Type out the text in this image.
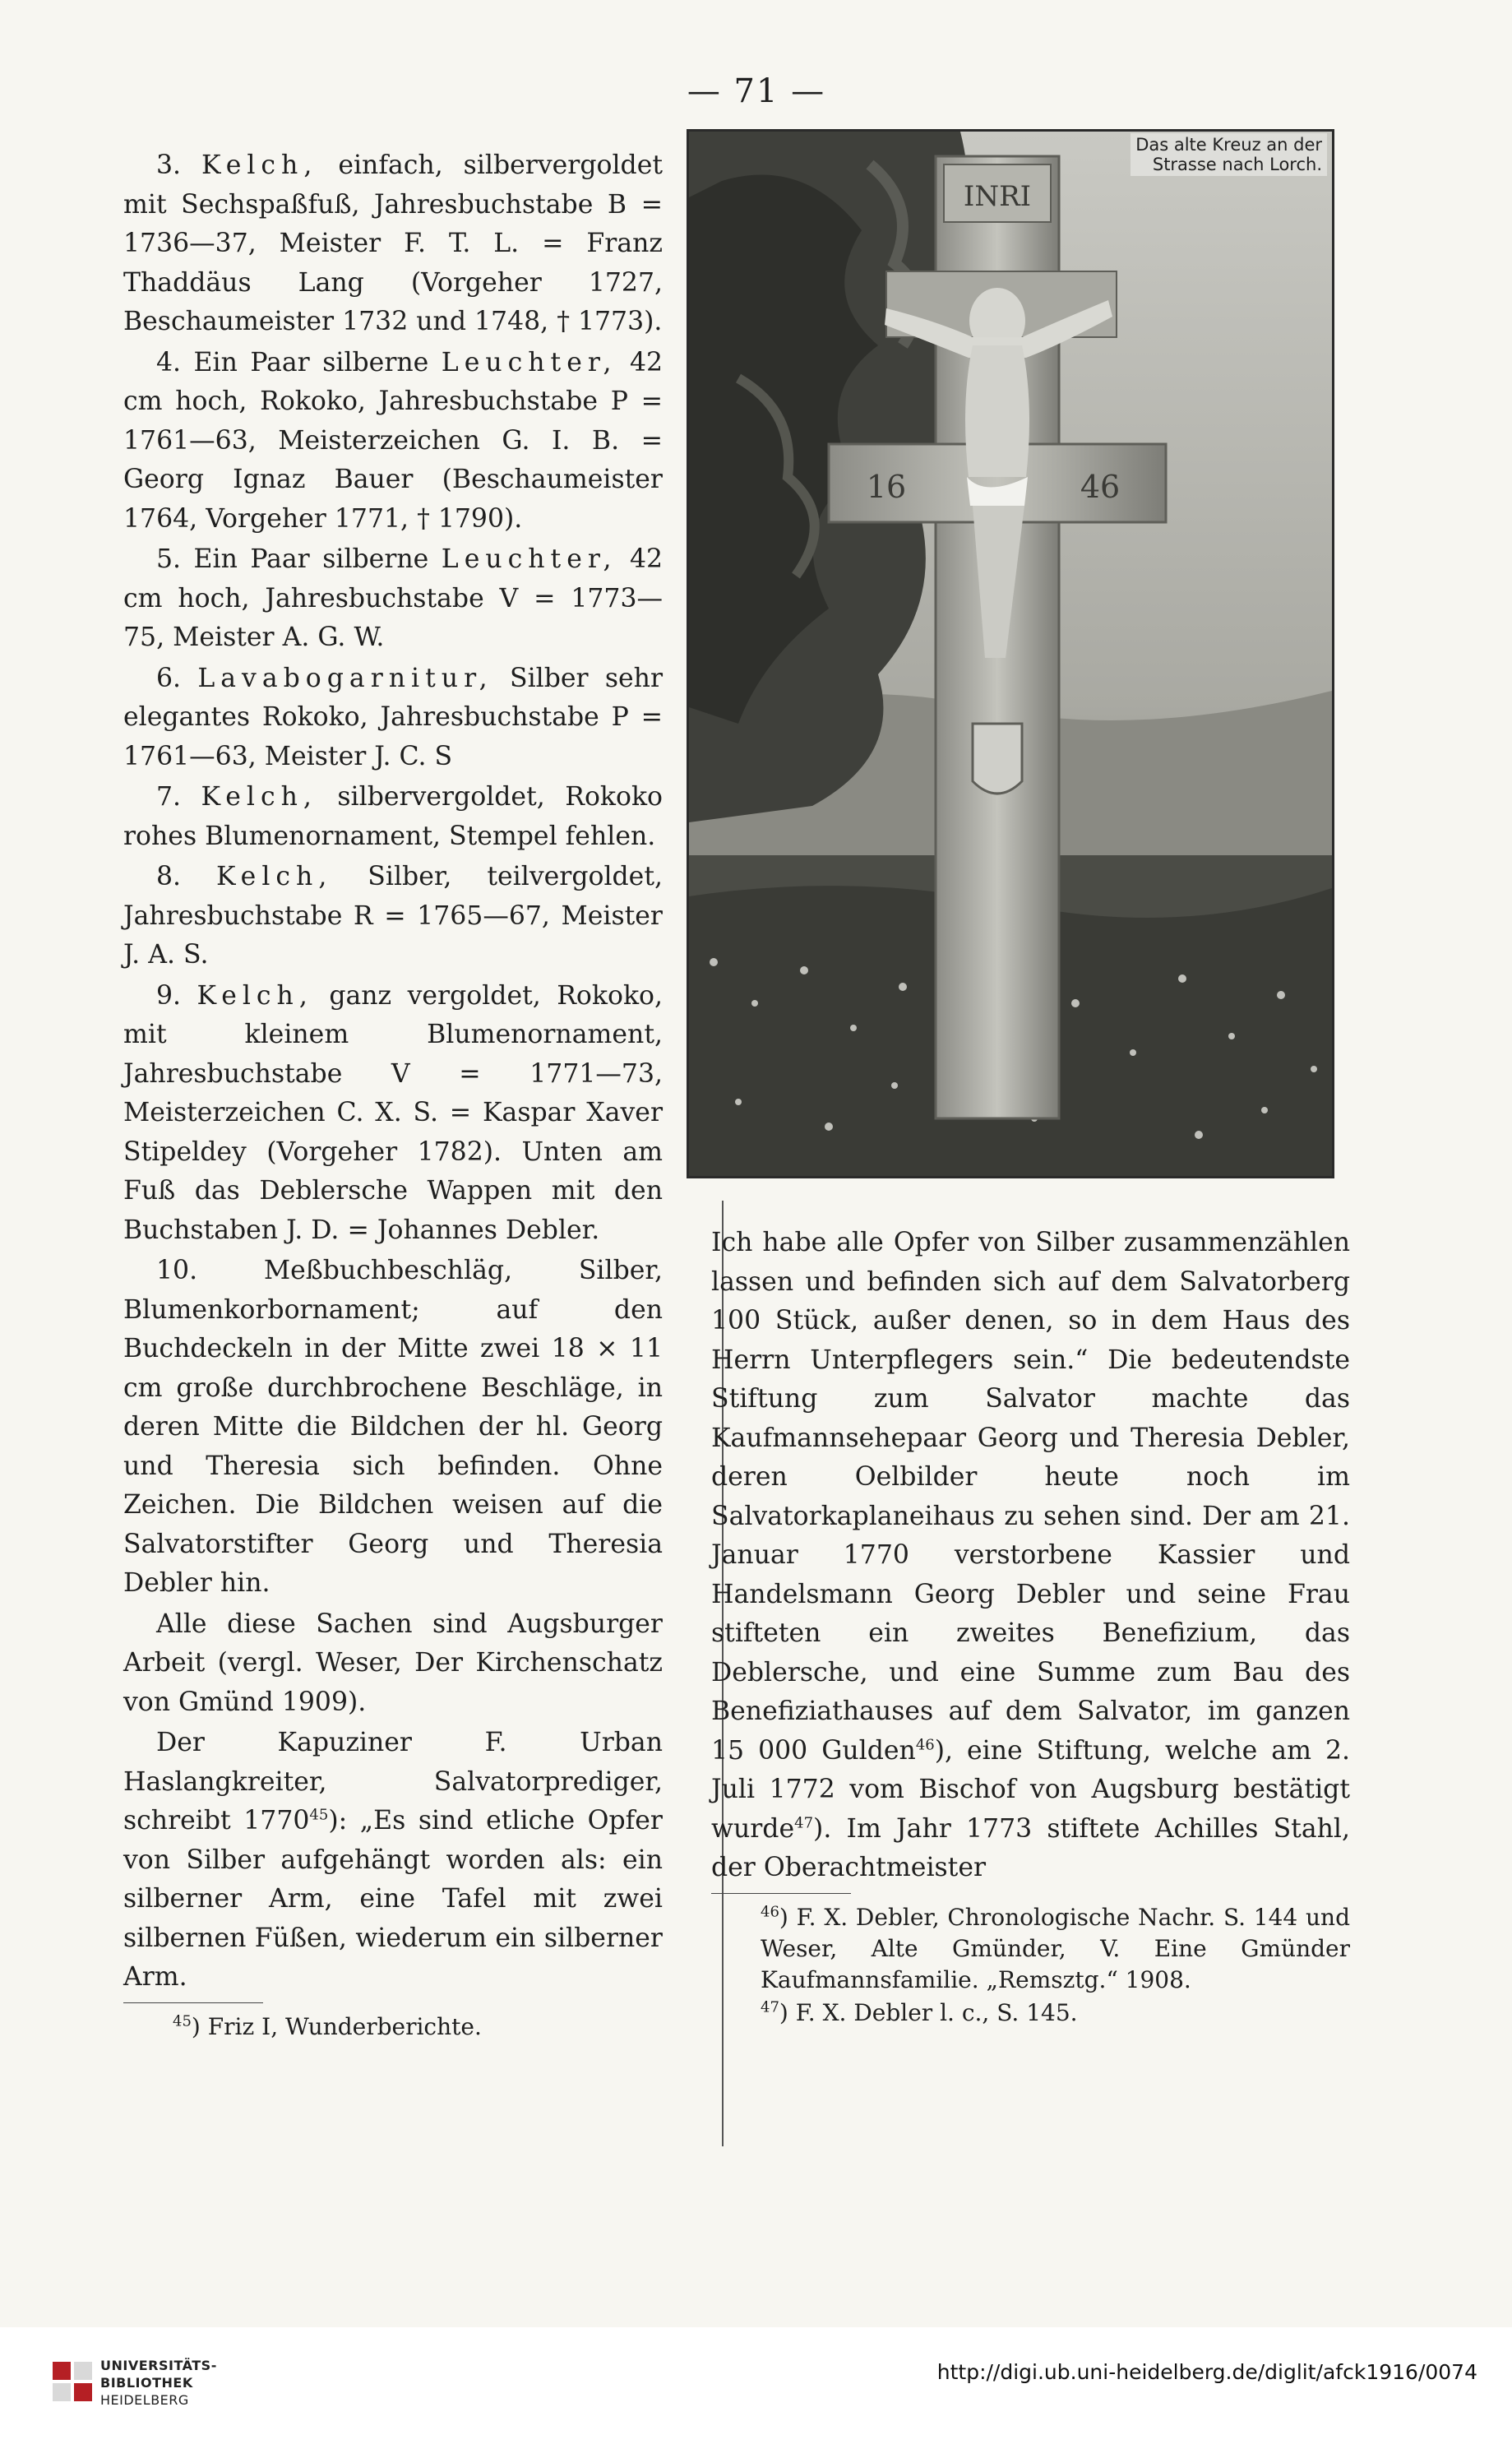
— 71 —
INRI
16	46
Das alte Kreuz an der
Strasse nach Lorch.

3. Kelch, einfach, silbervergoldet mit Sechspaßfuß, Jahresbuchstabe B = 1736—37, Meister F. T. L. = Franz Thaddäus Lang (Vorgeher 1727, Beschaumeister 1732 und 1748, † 1773).

4. Ein Paar silberne Leuchter, 42 cm hoch, Rokoko, Jahresbuchstabe P = 1761—63, Meisterzeichen G. I. B. = Georg Ignaz Bauer (Beschaumeister 1764, Vorgeher 1771, † 1790).

5. Ein Paar silberne Leuchter, 42 cm hoch, Jahresbuchstabe V = 1773—75, Meister A. G. W.

6. Lavabogarnitur, Silber sehr elegantes Rokoko, Jahresbuchstabe P = 1761—63, Meister J. C. S

7. Kelch, silbervergoldet, Rokoko rohes Blumenornament, Stempel fehlen.

8. Kelch, Silber, teilvergoldet, Jahresbuchstabe R = 1765—67, Meister J. A. S.

9. Kelch, ganz vergoldet, Rokoko, mit kleinem Blumenornament, Jahresbuchstabe V = 1771—73, Meisterzeichen C. X. S. = Kaspar Xaver Stipeldey (Vorgeher 1782). Unten am Fuß das Deblersche Wappen mit den Buchstaben J. D. = Johannes Debler.

10. Meßbuchbeschläg, Silber, Blumenkorbornament; auf den Buchdeckeln in der Mitte zwei 18 × 11 cm große durchbrochene Beschläge, in deren Mitte die Bildchen der hl. Georg und Theresia sich befinden. Ohne Zeichen. Die Bildchen weisen auf die Salvatorstifter Georg und Theresia Debler hin.

Alle diese Sachen sind Augsburger Arbeit (vergl. Weser, Der Kirchenschatz von Gmünd 1909).

Der Kapuziner F. Urban Haslangkreiter, Salvatorprediger, schreibt 1770$^{45}$): „Es sind etliche Opfer von Silber aufgehängt worden als: ein silberner Arm, eine Tafel mit zwei silbernen Füßen, wiederum ein silberner Arm.

$^{45}$) Friz I, Wunderberichte.

Ich habe alle Opfer von Silber zusammenzählen lassen und befinden sich auf dem Salvatorberg 100 Stück, außer denen, so in dem Haus des Herrn Unterpflegers sein.“ Die bedeutendste Stiftung zum Salvator machte das Kaufmannsehepaar Georg und Theresia Debler, deren Oelbilder heute noch im Salvatorkaplaneihaus zu sehen sind. Der am 21. Januar 1770 verstorbene Kassier und Handelsmann Georg Debler und seine Frau stifteten ein zweites Benefizium, das Deblersche, und eine Summe zum Bau des Benefiziathauses auf dem Salvator, im ganzen 15 000 Gulden$^{46}$), eine Stiftung, welche am 2. Juli 1772 vom Bischof von Augsburg bestätigt wurde$^{47}$). Im Jahr 1773 stiftete Achilles Stahl, der Oberachtmeister

$^{46}$) F. X. Debler, Chronologische Nachr. S. 144 und Weser, Alte Gmünder, V. Eine Gmünder Kaufmannsfamilie. „Remsztg.“ 1908.

$^{47}$) F. X. Debler l. c., S. 145.

UNIVERSITÄTS-
BIBLIOTHEK
HEIDELBERG
http://digi.ub.uni-heidelberg.de/diglit/afck1916/0074
